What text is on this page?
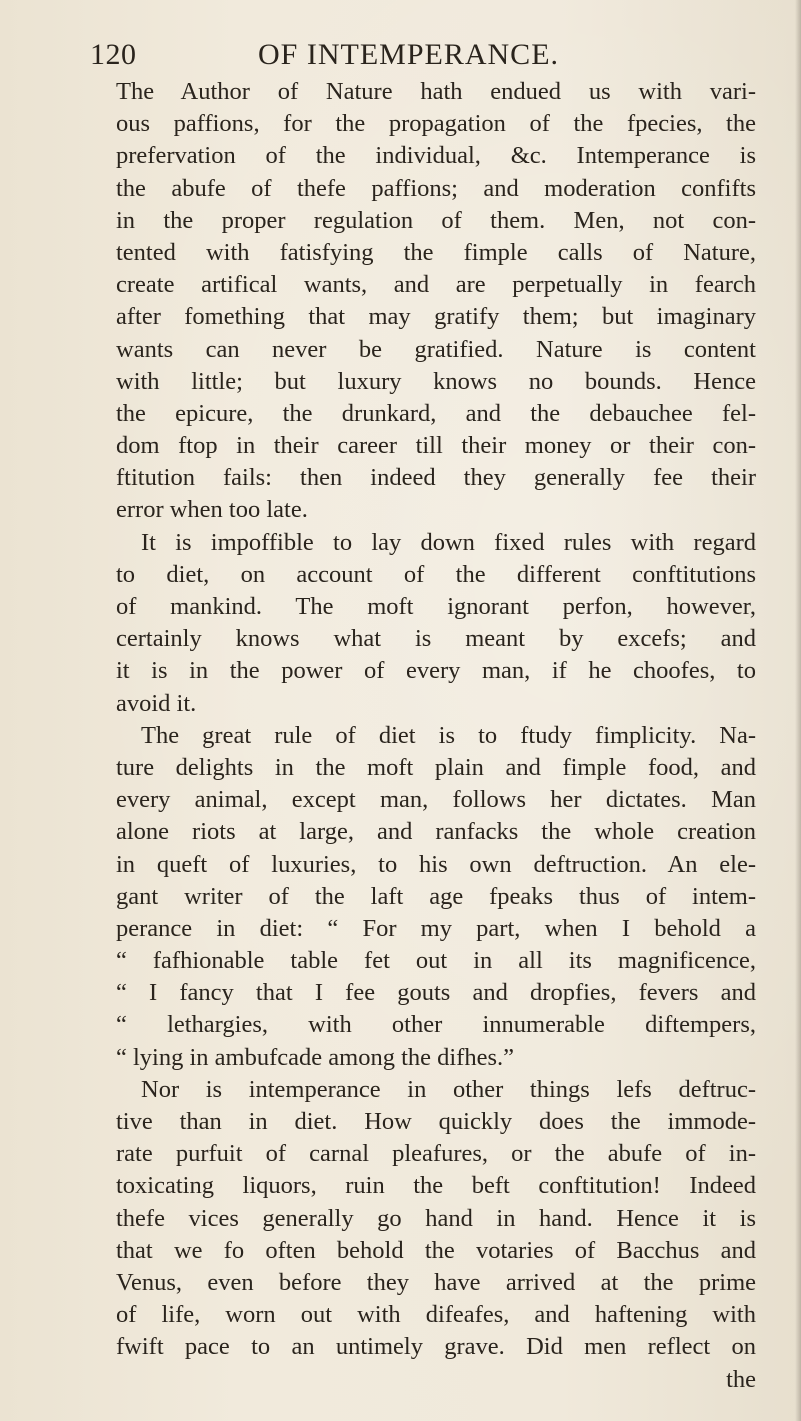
120	OF INTEMPERANCE.
The Author of Nature hath endued us with vari-
ous paffions, for the propagation of the fpecies, the
prefervation of the individual, &c. Intemperance is
the abufe of thefe paffions; and moderation confifts
in the proper regulation of them. Men, not con-
tented with fatisfying the fimple calls of Nature,
create artifical wants, and are perpetually in fearch
after fomething that may gratify them; but imaginary
wants can never be gratified. Nature is content
with little; but luxury knows no bounds. Hence
the epicure, the drunkard, and the debauchee fel-
dom ftop in their career till their money or their con-
ftitution fails: then indeed they generally fee their
error when too late.
It is impoffible to lay down fixed rules with regard
to diet, on account of the different conftitutions
of mankind. The moft ignorant perfon, however,
certainly knows what is meant by excefs; and
it is in the power of every man, if he choofes, to
avoid it.
The great rule of diet is to ftudy fimplicity. Na-
ture delights in the moft plain and fimple food, and
every animal, except man, follows her dictates. Man
alone riots at large, and ranfacks the whole creation
in queft of luxuries, to his own deftruction. An ele-
gant writer of the laft age fpeaks thus of intem-
perance in diet: “ For my part, when I behold a
“ fafhionable table fet out in all its magnificence,
“ I fancy that I fee gouts and dropfies, fevers and
“ lethargies, with other innumerable diftempers,
“ lying in ambufcade among the difhes.”
Nor is intemperance in other things lefs deftruc-
tive than in diet. How quickly does the immode-
rate purfuit of carnal pleafures, or the abufe of in-
toxicating liquors, ruin the beft conftitution! Indeed
thefe vices generally go hand in hand. Hence it is
that we fo often behold the votaries of Bacchus and
Venus, even before they have arrived at the prime
of life, worn out with difeafes, and haftening with
fwift pace to an untimely grave. Did men reflect on
the
